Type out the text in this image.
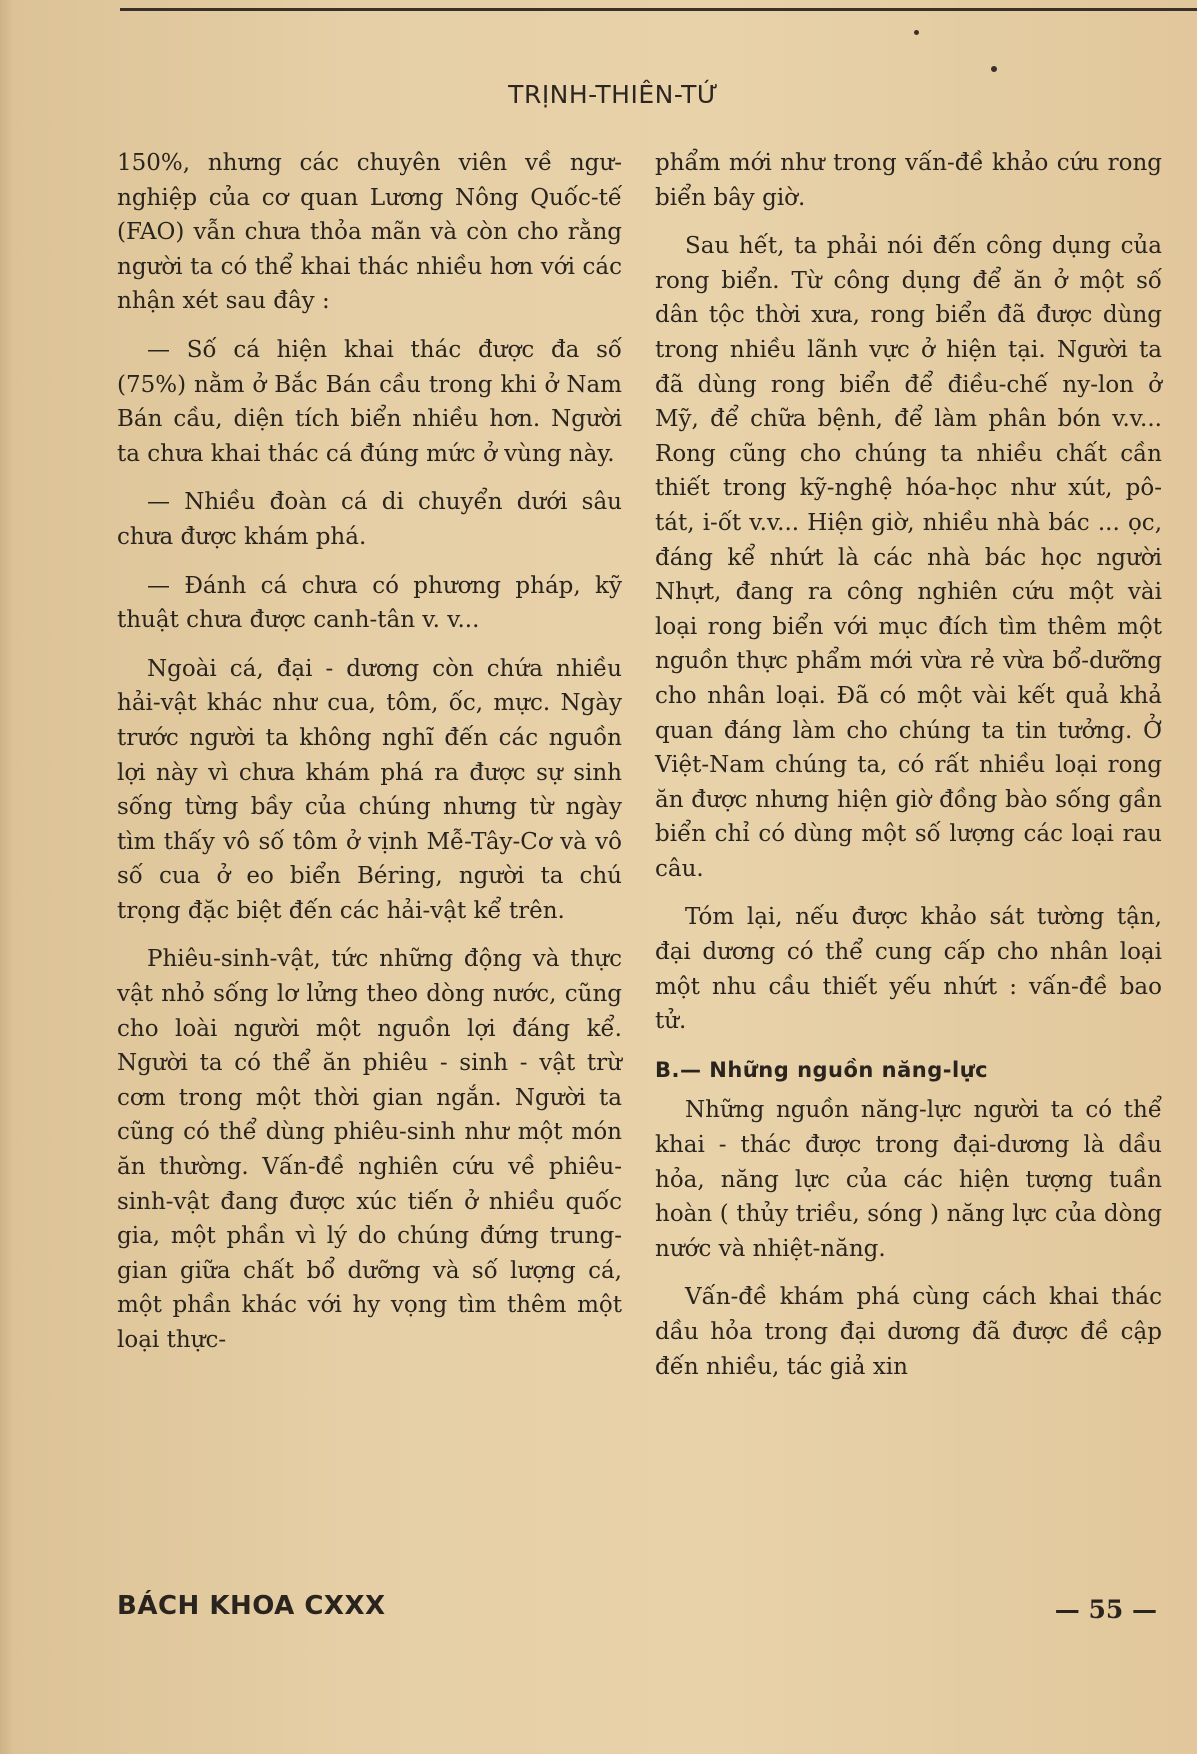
TRỊNH-THIÊN-TỨ

150%, nhưng các chuyên viên về ngư-nghiệp của cơ quan Lương Nông Quốc-tế (FAO) vẫn chưa thỏa mãn và còn cho rằng người ta có thể khai thác nhiều hơn với các nhận xét sau đây :

— Số cá hiện khai thác được đa số (75%) nằm ở Bắc Bán cầu trong khi ở Nam Bán cầu, diện tích biển nhiều hơn. Người ta chưa khai thác cá đúng mức ở vùng này.

— Nhiều đoàn cá di chuyển dưới sâu chưa được khám phá.

— Đánh cá chưa có phương pháp, kỹ thuật chưa được canh-tân v. v...

Ngoài cá, đại - dương còn chứa nhiều hải-vật khác như cua, tôm, ốc, mực. Ngày trước người ta không nghĩ đến các nguồn lợi này vì chưa khám phá ra được sự sinh sống từng bầy của chúng nhưng từ ngày tìm thấy vô số tôm ở vịnh Mễ-Tây-Cơ và vô số cua ở eo biển Béring, người ta chú trọng đặc biệt đến các hải-vật kể trên.

Phiêu-sinh-vật, tức những động và thực vật nhỏ sống lơ lửng theo dòng nước, cũng cho loài người một nguồn lợi đáng kể. Người ta có thể ăn phiêu - sinh - vật trừ cơm trong một thời gian ngắn. Người ta cũng có thể dùng phiêu-sinh như một món ăn thường. Vấn-đề nghiên cứu về phiêu-sinh-vật đang được xúc tiến ở nhiều quốc gia, một phần vì lý do chúng đứng trung-gian giữa chất bổ dưỡng và số lượng cá, một phần khác với hy vọng tìm thêm một loại thực-

phẩm mới như trong vấn-đề khảo cứu rong biển bây giờ.

Sau hết, ta phải nói đến công dụng của rong biển. Từ công dụng để ăn ở một số dân tộc thời xưa, rong biển đã được dùng trong nhiều lãnh vực ở hiện tại. Người ta đã dùng rong biển để điều-chế ny-lon ở Mỹ, để chữa bệnh, để làm phân bón v.v... Rong cũng cho chúng ta nhiều chất cần thiết trong kỹ-nghệ hóa-học như xút, pô-tát, i-ốt v.v... Hiện giờ, nhiều nhà bác ... ọc, đáng kể nhứt là các nhà bác học người Nhựt, đang ra công nghiên cứu một vài loại rong biển với mục đích tìm thêm một nguồn thực phẩm mới vừa rẻ vừa bổ-dưỡng cho nhân loại. Đã có một vài kết quả khả quan đáng làm cho chúng ta tin tưởng. Ở Việt-Nam chúng ta, có rất nhiều loại rong ăn được nhưng hiện giờ đồng bào sống gần biển chỉ có dùng một số lượng các loại rau câu.

Tóm lại, nếu được khảo sát tường tận, đại dương có thể cung cấp cho nhân loại một nhu cầu thiết yếu nhứt : vấn-đề bao tử.

B.— Những nguồn năng-lực

Những nguồn năng-lực người ta có thể khai - thác được trong đại-dương là dầu hỏa, năng lực của các hiện tượng tuần hoàn ( thủy triều, sóng ) năng lực của dòng nước và nhiệt-năng.

Vấn-đề khám phá cùng cách khai thác dầu hỏa trong đại dương đã được đề cập đến nhiều, tác giả xin

BÁCH KHOA CXXX	— 55 —
